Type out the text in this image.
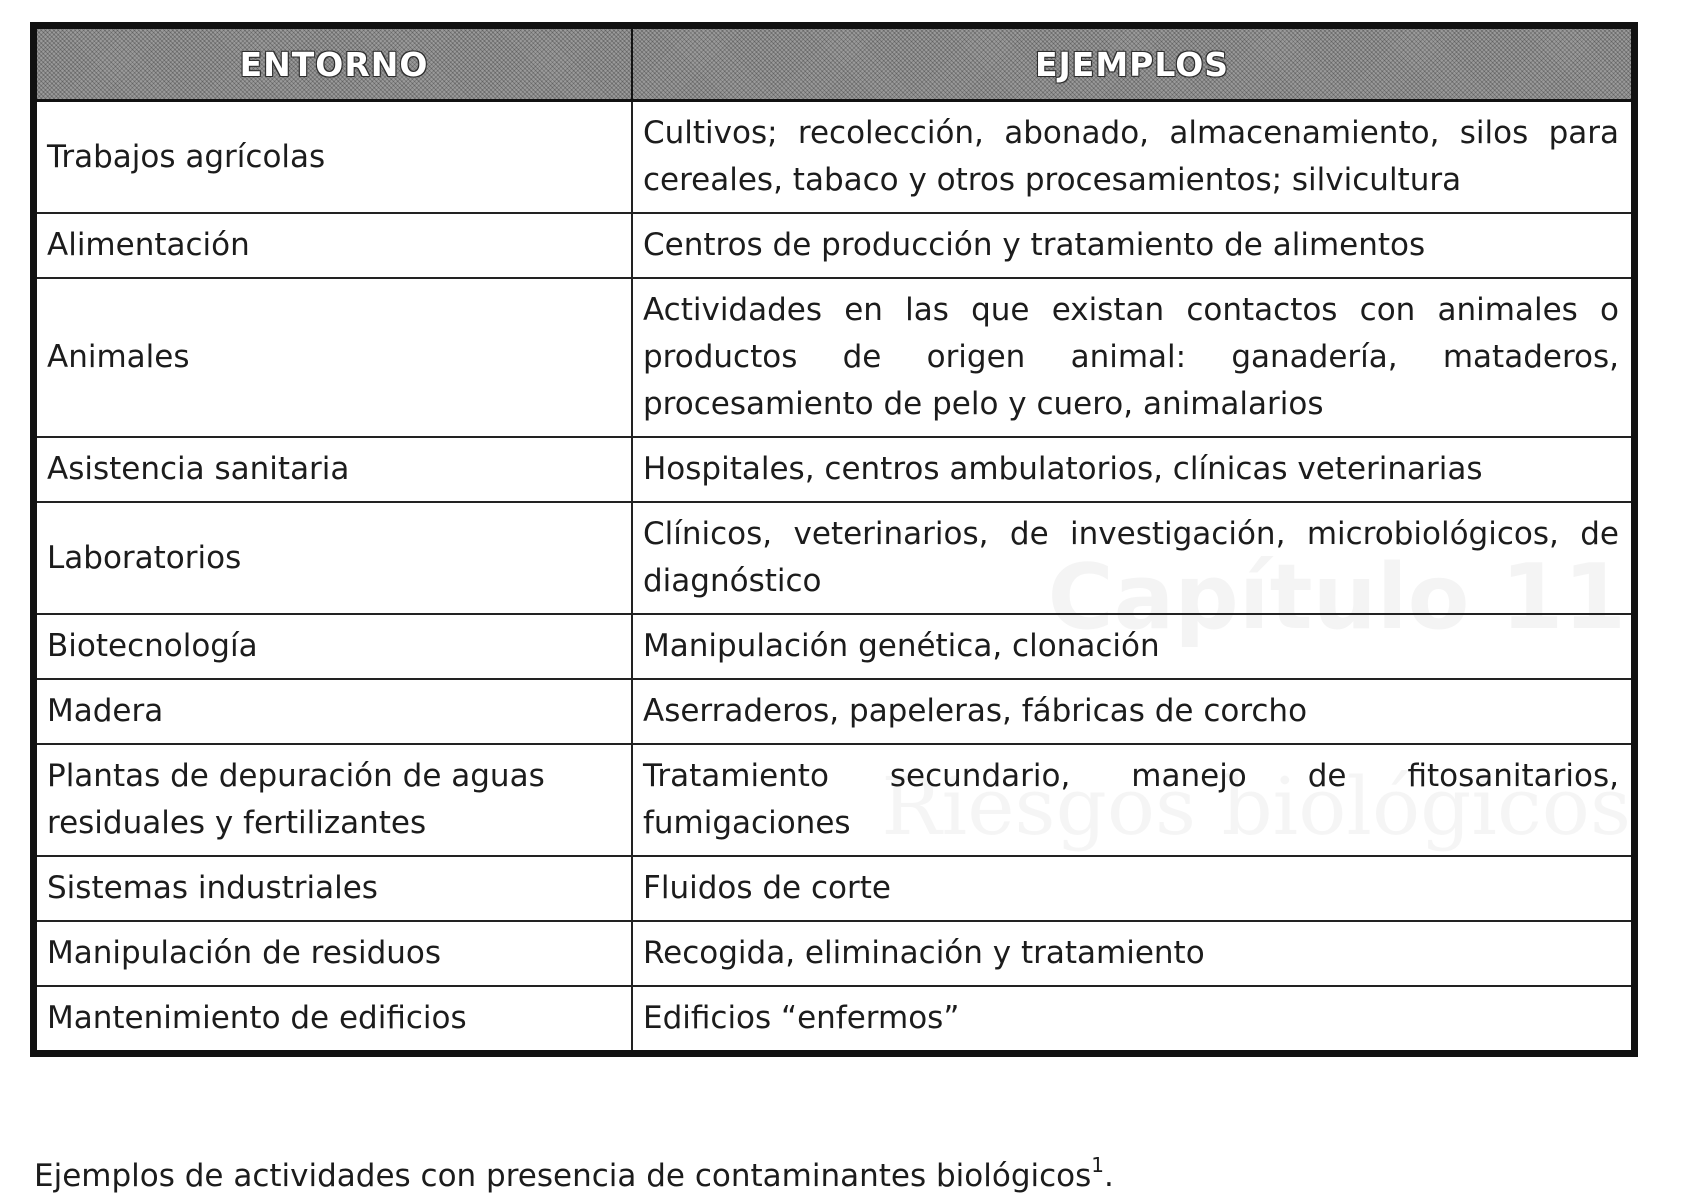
ENTORNO	EJEMPLOS
Trabajos agrícolas	Cultivos; recolección, abonado, almacenamiento, silos para cereales, tabaco y otros procesamientos; silvicultura
Alimentación	Centros de producción y tratamiento de alimentos
Animales	Actividades en las que existan contactos con animales o productos de origen animal: ganadería, mataderos, procesamiento de pelo y cuero, animalarios
Asistencia sanitaria	Hospitales, centros ambulatorios, clínicas veterinarias
Laboratorios	Clínicos, veterinarios, de investigación, microbiológicos, de diagnóstico
Biotecnología	Manipulación genética, clonación
Madera	Aserraderos, papeleras, fábricas de corcho
Plantas de depuración de aguas residuales y fertilizantes	Tratamiento secundario, manejo de fitosanitarios, fumigaciones
Sistemas industriales	Fluidos de corte
Manipulación de residuos	Recogida, eliminación y tratamiento
Mantenimiento de edificios	Edificios “enfermos”
Ejemplos de actividades con presencia de contaminantes biológicos$^1$.
